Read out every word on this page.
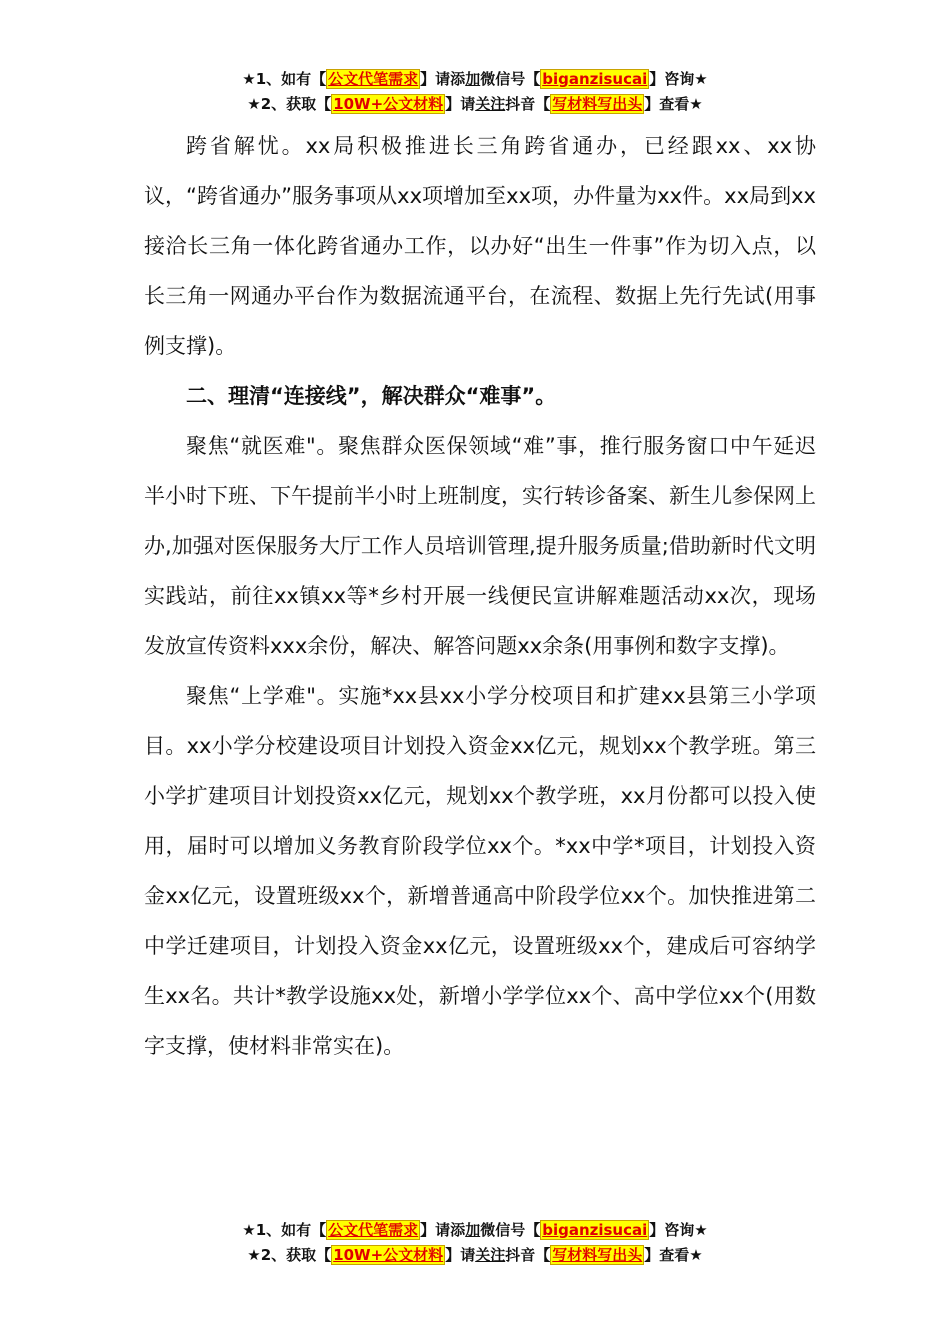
★1、如有【 公文代笔需求 】请添加微信号【 biganzisucai 】咨询★
★2、获取【 10W+公文材料 】请关注抖音【 写材料写出头 】查看★

跨省解忧。xx局积极推进长三角跨省通办，已经跟xx、xx协议，“跨省通办”服务事项从xx项增加至xx项，办件量为xx件。xx局到xx接洽长三角一体化跨省通办工作，以办好“出生一件事”作为切入点，以长三角一网通办平台作为数据流通平台，在流程、数据上先行先试(用事例支撑)。

二、理清“连接线”，解决群众“难事”。

聚焦“就医难"。聚焦群众医保领域“难”事，推行服务窗口中午延迟半小时下班、下午提前半小时上班制度，实行转诊备案、新生儿参保网上办,加强对医保服务大厅工作人员培训管理,提升服务质量;借助新时代文明实践站，前往xx镇xx等*乡村开展一线便民宣讲解难题活动xx次，现场发放宣传资料xxx余份，解决、解答问题xx余条(用事例和数字支撑)。

聚焦“上学难"。实施*xx县xx小学分校项目和扩建xx县第三小学项目。xx小学分校建设项目计划投入资金xx亿元，规划xx个教学班。第三小学扩建项目计划投资xx亿元，规划xx个教学班，xx月份都可以投入使用，届时可以增加义务教育阶段学位xx个。*xx中学*项目，计划投入资金xx亿元，设置班级xx个，新增普通高中阶段学位xx个。加快推进第二中学迁建项目，计划投入资金xx亿元，设置班级xx个，建成后可容纳学生xx名。共计*教学设施xx处，新增小学学位xx个、高中学位xx个(用数字支撑，使材料非常实在)。

★1、如有【 公文代笔需求 】请添加微信号【 biganzisucai 】咨询★
★2、获取【 10W+公文材料 】请关注抖音【 写材料写出头 】查看★
